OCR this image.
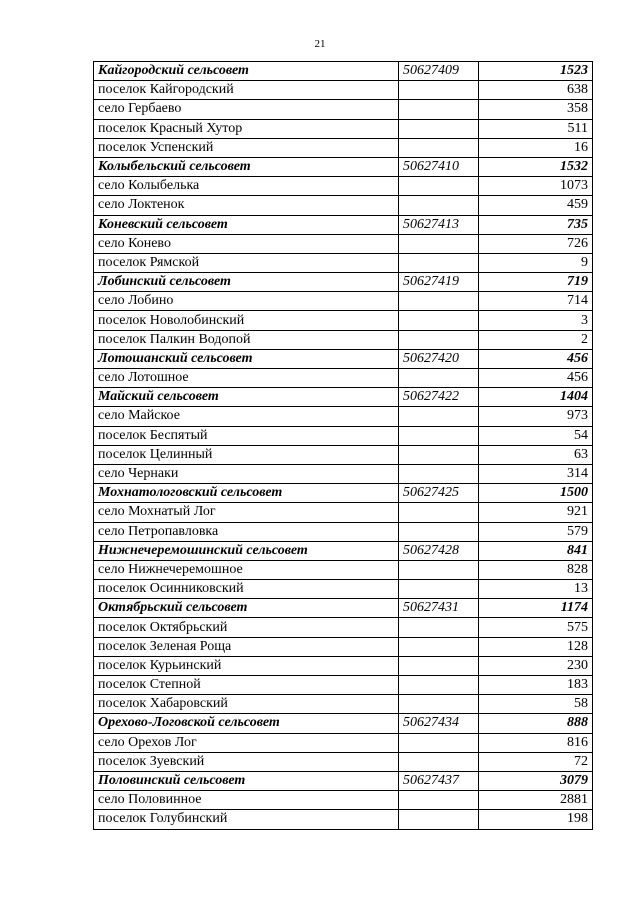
21
Кайгородский сельсовет	50627409	1523
поселок Кайгородский		638
село Гербаево		358
поселок Красный Хутор		511
поселок Успенский		16
Колыбельский сельсовет	50627410	1532
село Колыбелька		1073
село Локтенок		459
Коневский сельсовет	50627413	735
село Конево		726
поселок Рямской		9
Лобинский сельсовет	50627419	719
село Лобино		714
поселок Новолобинский		3
поселок Палкин Водопой		2
Лотошанский сельсовет	50627420	456
село Лотошное		456
Майский сельсовет	50627422	1404
село Майское		973
поселок Беспятый		54
поселок Целинный		63
село Чернаки		314
Мохнатологовский сельсовет	50627425	1500
село Мохнатый Лог		921
село Петропавловка		579
Нижнечеремошинский сельсовет	50627428	841
село Нижнечеремошное		828
поселок Осинниковский		13
Октябрьский сельсовет	50627431	1174
поселок Октябрьский		575
поселок Зеленая Роща		128
поселок Курьинский		230
поселок Степной		183
поселок Хабаровский		58
Орехово-Логовской сельсовет	50627434	888
село Орехов Лог		816
поселок Зуевский		72
Половинский сельсовет	50627437	3079
село Половинное		2881
поселок Голубинский		198
